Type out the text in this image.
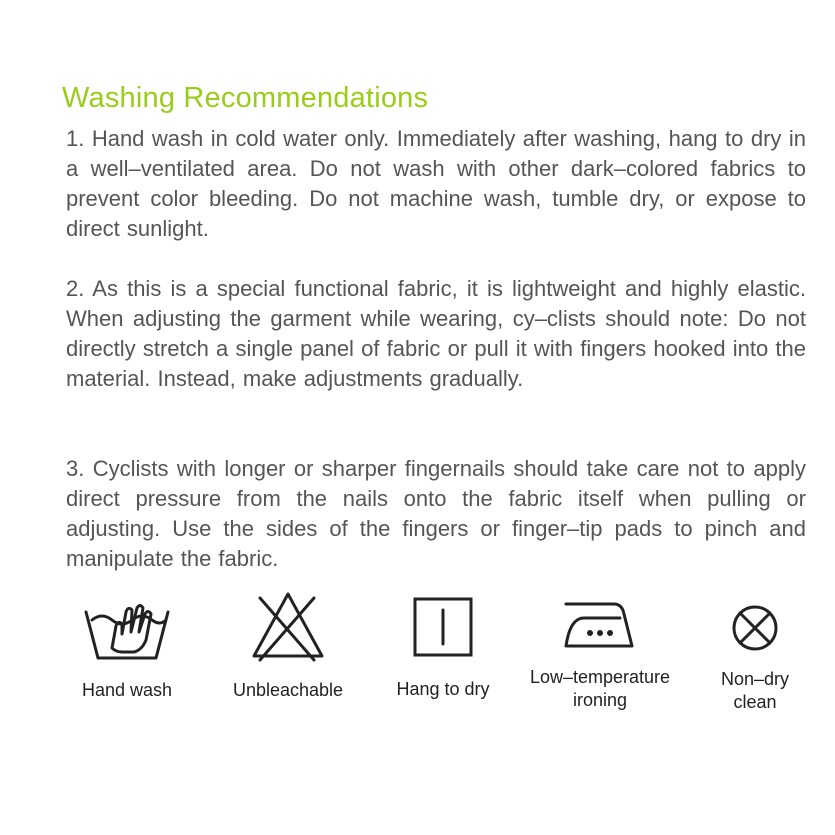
Washing Recommendations

1. Hand wash in cold water only. Immediately after washing, hang to dry in a well–ventilated area. Do not wash with other dark–colored fabrics to prevent color bleeding. Do not machine wash, tumble dry, or expose to direct sunlight.

2. As this is a special functional fabric, it is lightweight and highly elastic. When adjusting the garment while wearing, cy–clists should note: Do not directly stretch a single panel of fabric or pull it with fingers hooked into the material. Instead, make adjustments gradually.

3. Cyclists with longer or sharper fingernails should take care not to apply direct pressure from the nails onto the fabric itself when pulling or adjusting. Use the sides of the fingers or finger–tip pads to pinch and manipulate the fabric.

Hand wash	Unbleachable	Hang to dry
Low–temperature ironing
Non–dry clean
